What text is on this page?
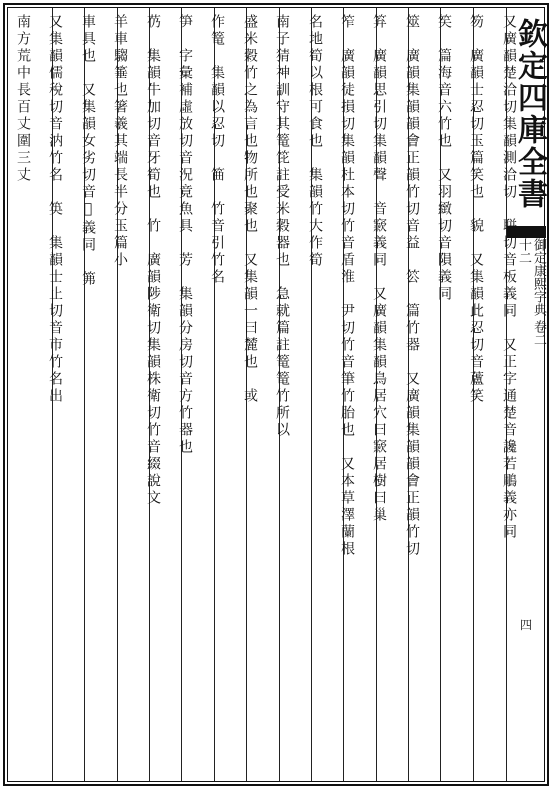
欽定四庫全書
御定康熙字典 卷二十二
四
又廣韻楚洽切集韻測洽切　聠切音板義同　又正字通楚音讒若鵰義亦同
笏　廣韻士忍切玉篇笑也　貌　又集韻此忍切音蘆笑
笶　篇海音六竹也　又羽緻切音隕義同
筮　廣韻集韻韻會正韻竹切音益　䇗　篇竹器　又廣韻集韻韻會正韻竹切
笲　廣韻思引切集韻聲　音窾義同　又廣韻集韻鳥居穴曰窾居樹曰巢
笮　廣韻徒損切集韻杜本切竹音盾淮　尹切竹音筆竹胎也　又本草澤蘭根
名地筍以根可食也　集韻竹大作筍
南子猜神訓守其篭笓註受米穀器也　急就篇註篭篭竹所以
盛米穀竹之為言也物所也聚也　又集韻一曰麓也　或
作篭　集韻以忍切　筁　竹音引竹名
笋　字彙補虛放切音況竟魚具　芳　集韻分房切音方竹器也
芿　集韻牛加切音牙筍也　竹　廣韻陟衛切集韻株衛切竹音綴說文
羊車騶箠也箸羲其端長半分玉篇小
車具也　又集韻女劣切音𥮞義同　笰
又集韻儒稅切音汭竹名　䇦　集韻士止切音市竹名出
南方荒中長百丈圍三丈
